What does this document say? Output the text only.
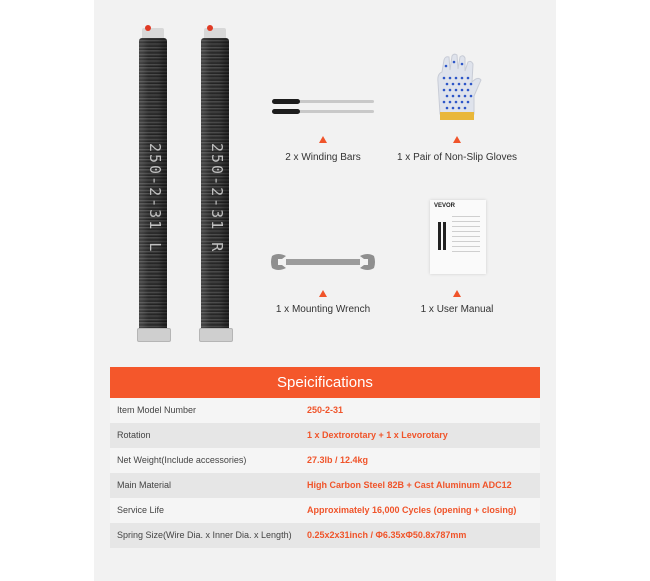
250-2-31 L	250-2-31 R	2 x Winding Bars	1 x Pair of Non-Slip Gloves
1 x Mounting Wrench
VEVOR
1 x User Manual
Speicifications
Item Model Number	250-2-31
Rotation	1 x Dextrorotary + 1 x Levorotary
Net Weight(Include accessories)	27.3lb / 12.4kg
Main Material	High Carbon Steel 82B + Cast Aluminum ADC12
Service Life	Approximately 16,000 Cycles (opening + closing)
Spring Size(Wire Dia. x Inner Dia. x Length) 0.25x2x31inch / Φ6.35xΦ50.8x787mm
